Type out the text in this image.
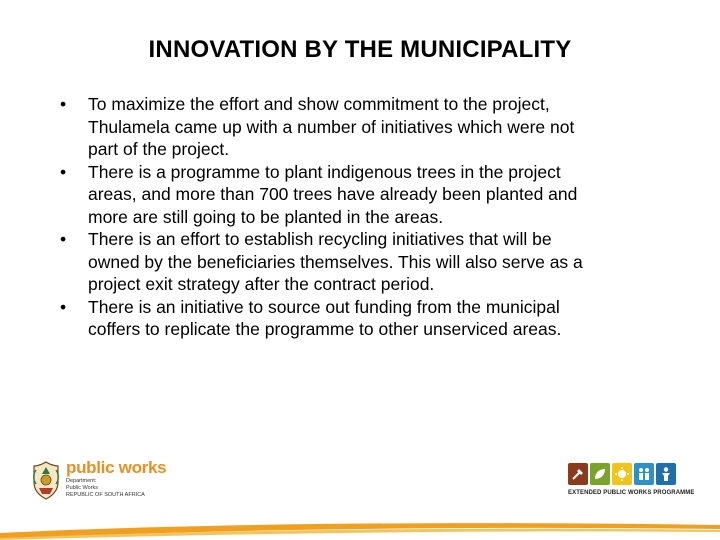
INNOVATION BY THE MUNICIPALITY
•	To maximize the effort and show commitment to the project,
Thulamela came up with a number of initiatives which were not
part of the project.
•	There is a programme to plant indigenous trees in the project
areas, and more than 700 trees have already been planted and
more are still going to be planted in the areas.
•	There is an effort to establish recycling initiatives that will be
owned by the beneficiaries themselves. This will also serve as a
project exit strategy after the contract period.
•	There is an initiative to source out funding from the municipal
coffers to replicate the programme to other unserviced areas.
public works
Department:
Public Works
REPUBLIC OF SOUTH AFRICA	EXTENDED PUBLIC WORKS PROGRAMME
